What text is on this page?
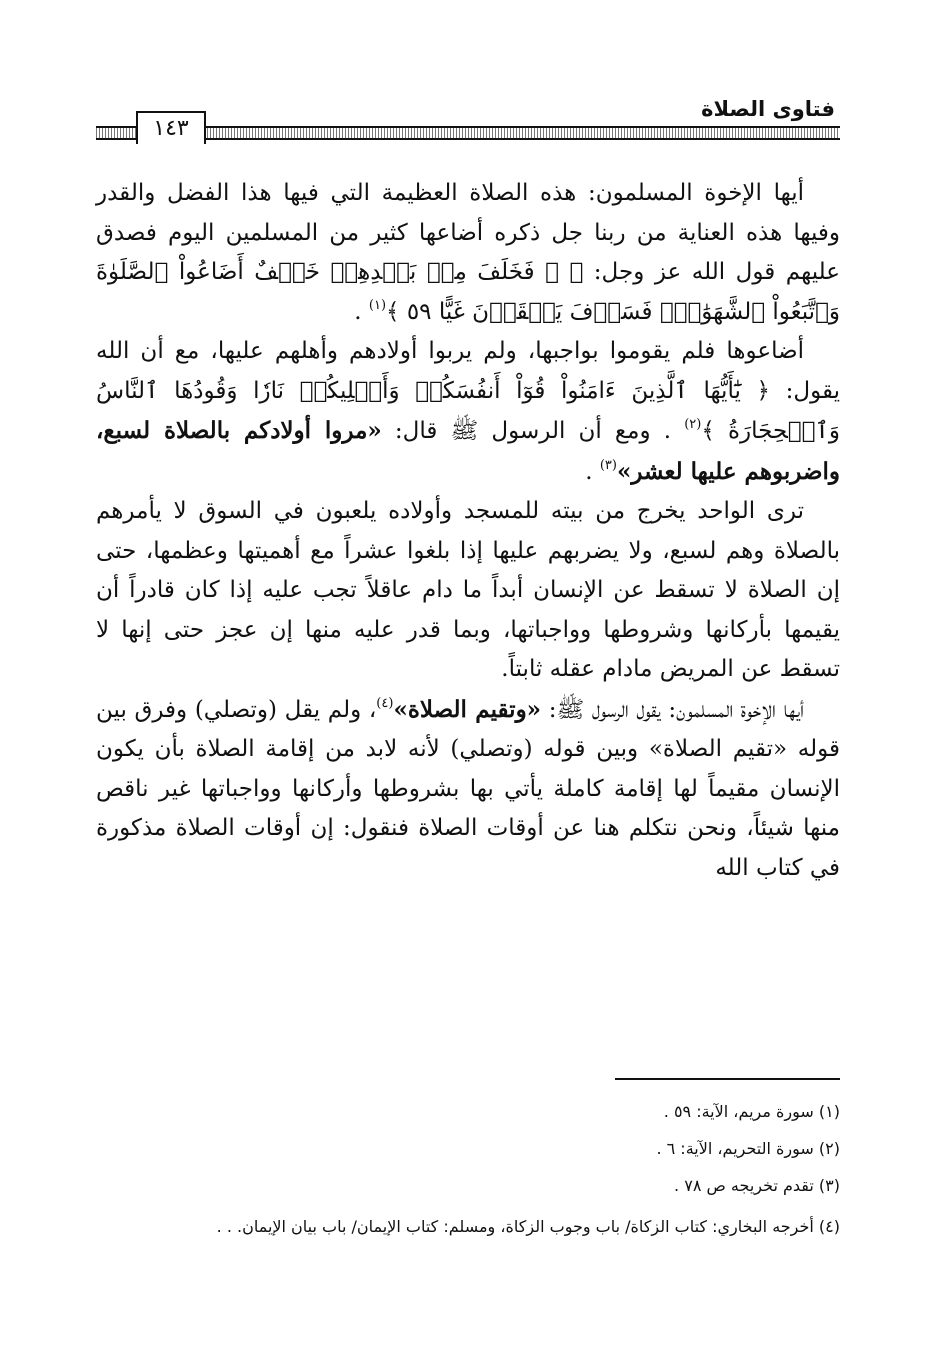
فتاوى الصلاة
١٤٣

أيها الإخوة المسلمون: هذه الصلاة العظيمة التي فيها هذا الفضل والقدر وفيها هذه العناية من ربنا جل ذكره أضاعها كثير من المسلمين اليوم فصدق عليهم قول الله عز وجل: ﴿ ۞ فَخَلَفَ مِنۢ بَعۡدِهِمۡ خَلۡفٌ أَضَاعُواْ ٱلصَّلَوٰةَ وَٱتَّبَعُواْ ٱلشَّهَوَٰتِۖ فَسَوۡفَ يَلۡقَوۡنَ غَيًّا ٥٩ ﴾$^{(١)}$ .

أضاعوها فلم يقوموا بواجبها، ولم يربوا أولادهم وأهلهم عليها، مع أن الله يقول: ﴿ يَٰٓأَيُّهَا ٱلَّذِينَ ءَامَنُواْ قُوٓاْ أَنفُسَكُمۡ وَأَهۡلِيكُمۡ نَارٗا وَقُودُهَا ٱلنَّاسُ وَٱلۡحِجَارَةُ ﴾$^{(٢)}$ . ومع أن الرسول ﷺ قال: «مروا أولادكم بالصلاة لسبع، واضربوهم عليها لعشر»$^{(٣)}$ .

ترى الواحد يخرج من بيته للمسجد وأولاده يلعبون في السوق لا يأمرهم بالصلاة وهم لسبع، ولا يضربهم عليها إذا بلغوا عشراً مع أهميتها وعظمها، حتى إن الصلاة لا تسقط عن الإنسان أبداً ما دام عاقلاً تجب عليه إذا كان قادراً أن يقيمها بأركانها وشروطها وواجباتها، وبما قدر عليه منها إن عجز حتى إنها لا تسقط عن المريض مادام عقله ثابتاً.

أيها الإخوة المسلمون: يقول الرسول ﷺ: «وتقيم الصلاة»$^{(٤)}$، ولم يقل (وتصلي) وفرق بين قوله «تقيم الصلاة» وبين قوله (وتصلي) لأنه لابد من إقامة الصلاة بأن يكون الإنسان مقيماً لها إقامة كاملة يأتي بها بشروطها وأركانها وواجباتها غير ناقص منها شيئاً، ونحن نتكلم هنا عن أوقات الصلاة فنقول: إن أوقات الصلاة مذكورة في كتاب الله

(١) سورة مريم، الآية: ٥٩ .
(٢) سورة التحريم، الآية: ٦ .
(٣) تقدم تخريجه ص ٧٨ .
(٤) أخرجه البخاري: كتاب الزكاة/ باب وجوب الزكاة، ومسلم: كتاب الإيمان/ باب بيان الإيمان. . .
